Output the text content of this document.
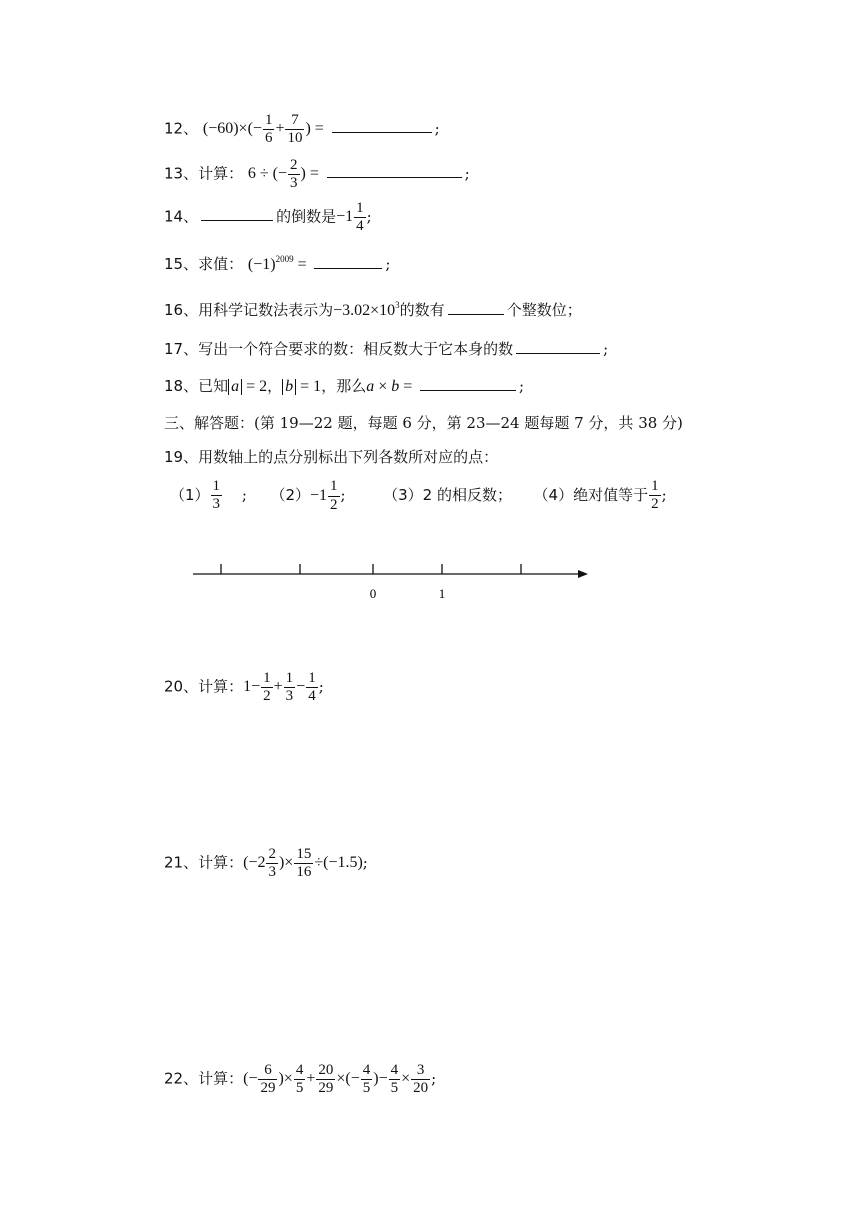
12、 $(-60)\times(- \frac{1}{6} + \frac{7}{10}$ ) =	;
13、计算： 6 ÷ (− $\frac{2}{3}$ ) =	;
14、	的倒数是$-1 \frac{1}{4}$ ;
15、求值： $(-1)^{2009}$ =	;
16、用科学记数法表示为$-3.02\times 10^3$的数有	个整数位；
17、写出一个符合要求的数：相反数大于它本身的数	;
18、已知 a = 2， b = 1，那么a × b =	;
三、解答题：(第 19—22 题，每题 6 分，第 23—24 题每题 7 分，共 38 分)
19、用数轴上的点分别标出下列各数所对应的点：
$(1) \frac{1}{3}$ ;  $(2)-1 \frac{1}{2}$ ;  （3）2 的相反数； （4）绝对值等于 $\frac{1}{2}$ ;
0	1
20、计算：$1- \frac{1}{2} + \frac{1}{3} - \frac{1}{4}$ ;
21、计算：($-2 \frac{2}{3}$ )× $\frac{15}{16} \div(-1.5)$;
22、计算：(− $\frac{6}{29}$ )× $\frac{4}{5} + \frac{20}{29}$ ×(− $\frac{4}{5}$ )− $\frac{4}{5} \times \frac{3}{20}$ ;
